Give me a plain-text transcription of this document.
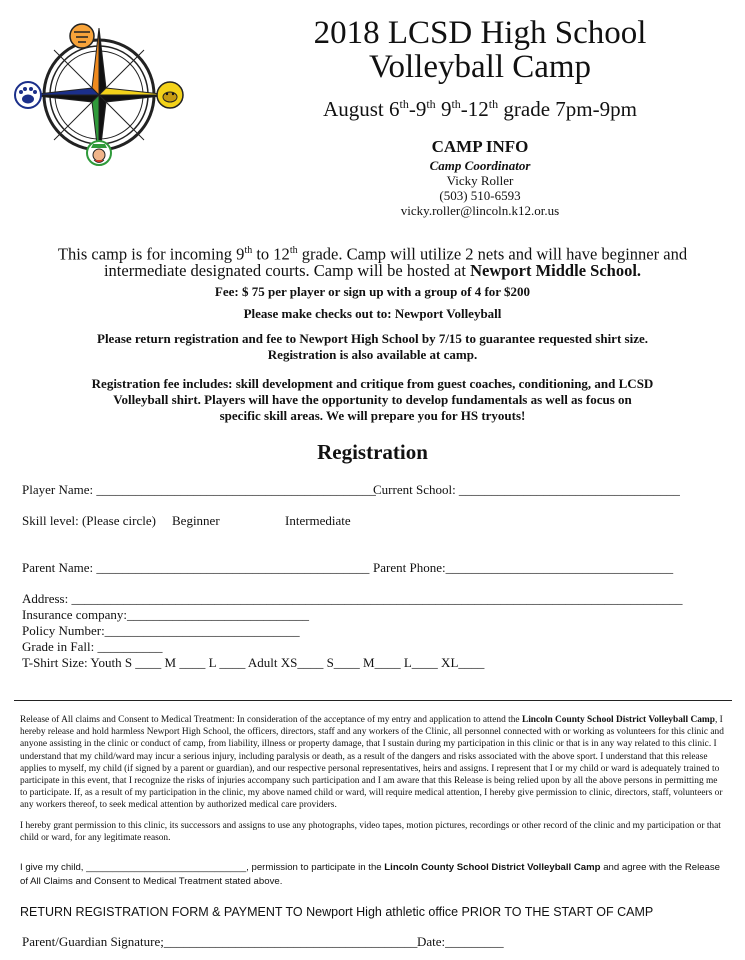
2018 LCSD High School
Volleyball Camp
August 6th-9th 9th-12th grade 7pm-9pm
CAMP INFO
Camp Coordinator
Vicky Roller
(503) 510-6593
vicky.roller@lincoln.k12.or.us
This camp is for incoming 9th to 12th grade. Camp will utilize 2 nets and will have beginner and
intermediate designated courts. Camp will be hosted at Newport Middle School.
Fee: $ 75 per player or sign up with a group of 4 for $200
Please make checks out to: Newport Volleyball
Please return registration and fee to Newport High School by 7/15 to guarantee requested shirt size.
Registration is also available at camp.
Registration fee includes: skill development and critique from guest coaches, conditioning, and LCSD
Volleyball shirt. Players will have the opportunity to develop fundamentals as well as focus on
specific skill areas. We will prepare you for HS tryouts!
Registration
Player Name: ___________________________________________
Current School: __________________________________
Skill level: (Please circle) Beginner	Intermediate
Parent Name: __________________________________________ Parent Phone:___________________________________
Address: ______________________________________________________________________________________________
Insurance company:____________________________
Policy Number:______________________________
Grade in Fall: __________
T-Shirt Size: Youth S ____ M ____ L ____ Adult XS____ S____ M____ L____ XL____
Release of All claims and Consent to Medical Treatment: In consideration of the acceptance of my entry and application to attend the Lincoln County School District Volleyball Camp, I hereby release and hold harmless Newport High School, the officers, directors, staff and any workers of the Clinic, all personnel connected with or working as volunteers for this clinic and anyone assisting in the clinic or conduct of camp, from liability, illness or property damage, that I sustain during my participation in this clinic or that is in any way related to this clinic. I understand that my child/ward may incur a serious injury, including paralysis or death, as a result of the dangers and risks associated with the above sport. I understand that this release applies to myself, my child (if signed by a parent or guardian), and our respective personal representatives, heirs and assigns. I represent that I or my child or ward is adequately trained to participate in this event, that I recognize the risks of injuries accompany such participation and I am aware that this Release is being relied upon by all the above persons in permitting me to participate. If, as a result of my participation in the clinic, my above named child or ward, will require medical attention, I hereby give permission to clinic, directors, staff, volunteers or any workers thereof, to seek medical attention by authorized medical care providers.
I hereby grant permission to this clinic, its successors and assigns to use any photographs, video tapes, motion pictures, recordings or other record of the clinic and my participation or that child or ward, for any legitimate reason.
I give my child, ______________________________, permission to participate in the Lincoln County School District Volleyball Camp and agree with the Release of All Claims and Consent to Medical Treatment stated above.
RETURN REGISTRATION FORM & PAYMENT TO Newport High athletic office PRIOR TO THE START OF CAMP
Parent/Guardian Signature;_______________________________________ Date:_________
